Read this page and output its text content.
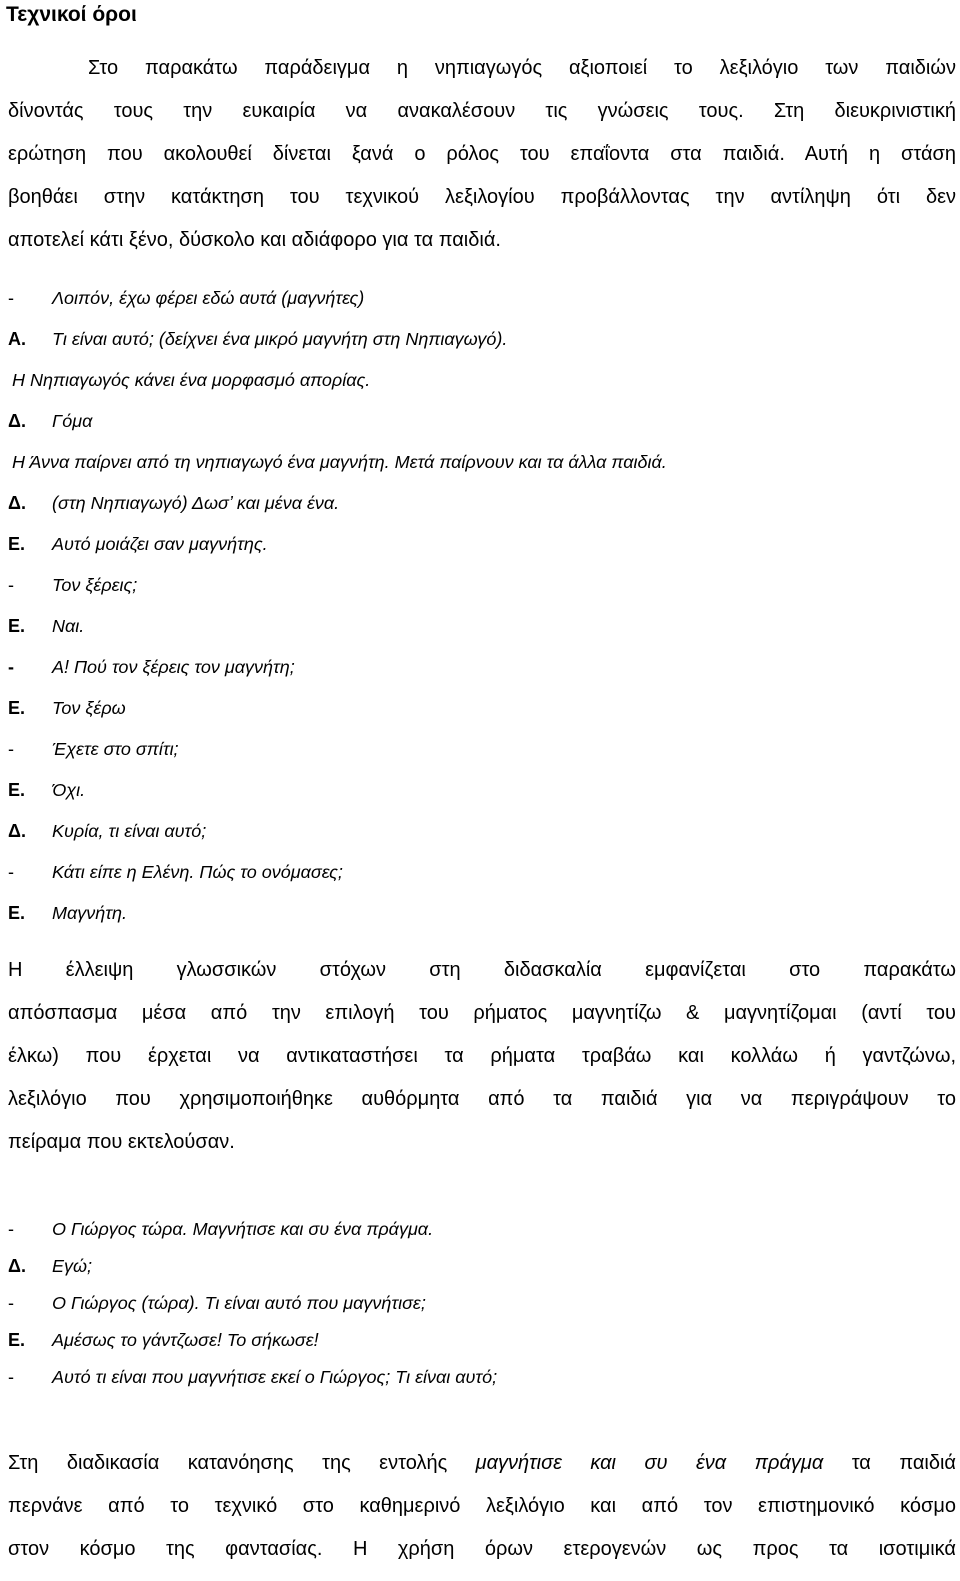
Τεχνικοί όροι
Στο παρακάτω παράδειγμα η νηπιαγωγός αξιοποιεί το λεξιλόγιο των παιδιών
δίνοντάς τους την ευκαιρία να ανακαλέσουν τις γνώσεις τους. Στη διευκρινιστική
ερώτηση που ακολουθεί δίνεται ξανά ο ρόλος του επαΐοντα στα παιδιά. Αυτή η στάση
βοηθάει στην κατάκτηση του τεχνικού λεξιλογίου προβάλλοντας την αντίληψη ότι δεν
αποτελεί κάτι ξένο, δύσκολο και αδιάφορο για τα παιδιά.
- Λοιπόν, έχω φέρει εδώ αυτά (μαγνήτες)
Α. Τι είναι αυτό; (δείχνει ένα μικρό μαγνήτη στη Νηπιαγωγό).
Η Νηπιαγωγός κάνει ένα μορφασμό απορίας.
Δ. Γόμα
Η Άννα παίρνει από τη νηπιαγωγό ένα μαγνήτη. Μετά παίρνουν και τα άλλα παιδιά.
Δ. (στη Νηπιαγωγό) Δωσ’ και μένα ένα.
Ε. Αυτό μοιάζει σαν μαγνήτης.
- Τον ξέρεις;
Ε. Ναι.
- Α! Πού τον ξέρεις τον μαγνήτη;
Ε. Τον ξέρω
- Έχετε στο σπίτι;
Ε. Όχι.
Δ. Κυρία, τι είναι αυτό;
- Κάτι είπε η Ελένη. Πώς το ονόμασες;
Ε. Μαγνήτη.
Η έλλειψη γλωσσικών στόχων στη διδασκαλία εμφανίζεται στο παρακάτω
απόσπασμα μέσα από την επιλογή του ρήματος μαγνητίζω & μαγνητίζομαι (αντί του
έλκω) που έρχεται να αντικαταστήσει τα ρήματα τραβάω και κολλάω ή γαντζώνω,
λεξιλόγιο που χρησιμοποιήθηκε αυθόρμητα από τα παιδιά για να περιγράψουν το
πείραμα που εκτελούσαν.
- Ο Γιώργος τώρα. Μαγνήτισε και συ ένα πράγμα.
Δ. Εγώ;
- Ο Γιώργος (τώρα). Τι είναι αυτό που μαγνήτισε;
Ε. Αμέσως το γάντζωσε! Το σήκωσε!
- Αυτό τι είναι που μαγνήτισε εκεί ο Γιώργος; Τι είναι αυτό;
Στη διαδικασία κατανόησης της εντολής μαγνήτισε και συ ένα πράγμα τα παιδιά
περνάνε από το τεχνικό στο καθημερινό λεξιλόγιο και από τον επιστημονικό κόσμο
στον κόσμο της φαντασίας. Η χρήση όρων ετερογενών ως προς τα ισοτιμικά
